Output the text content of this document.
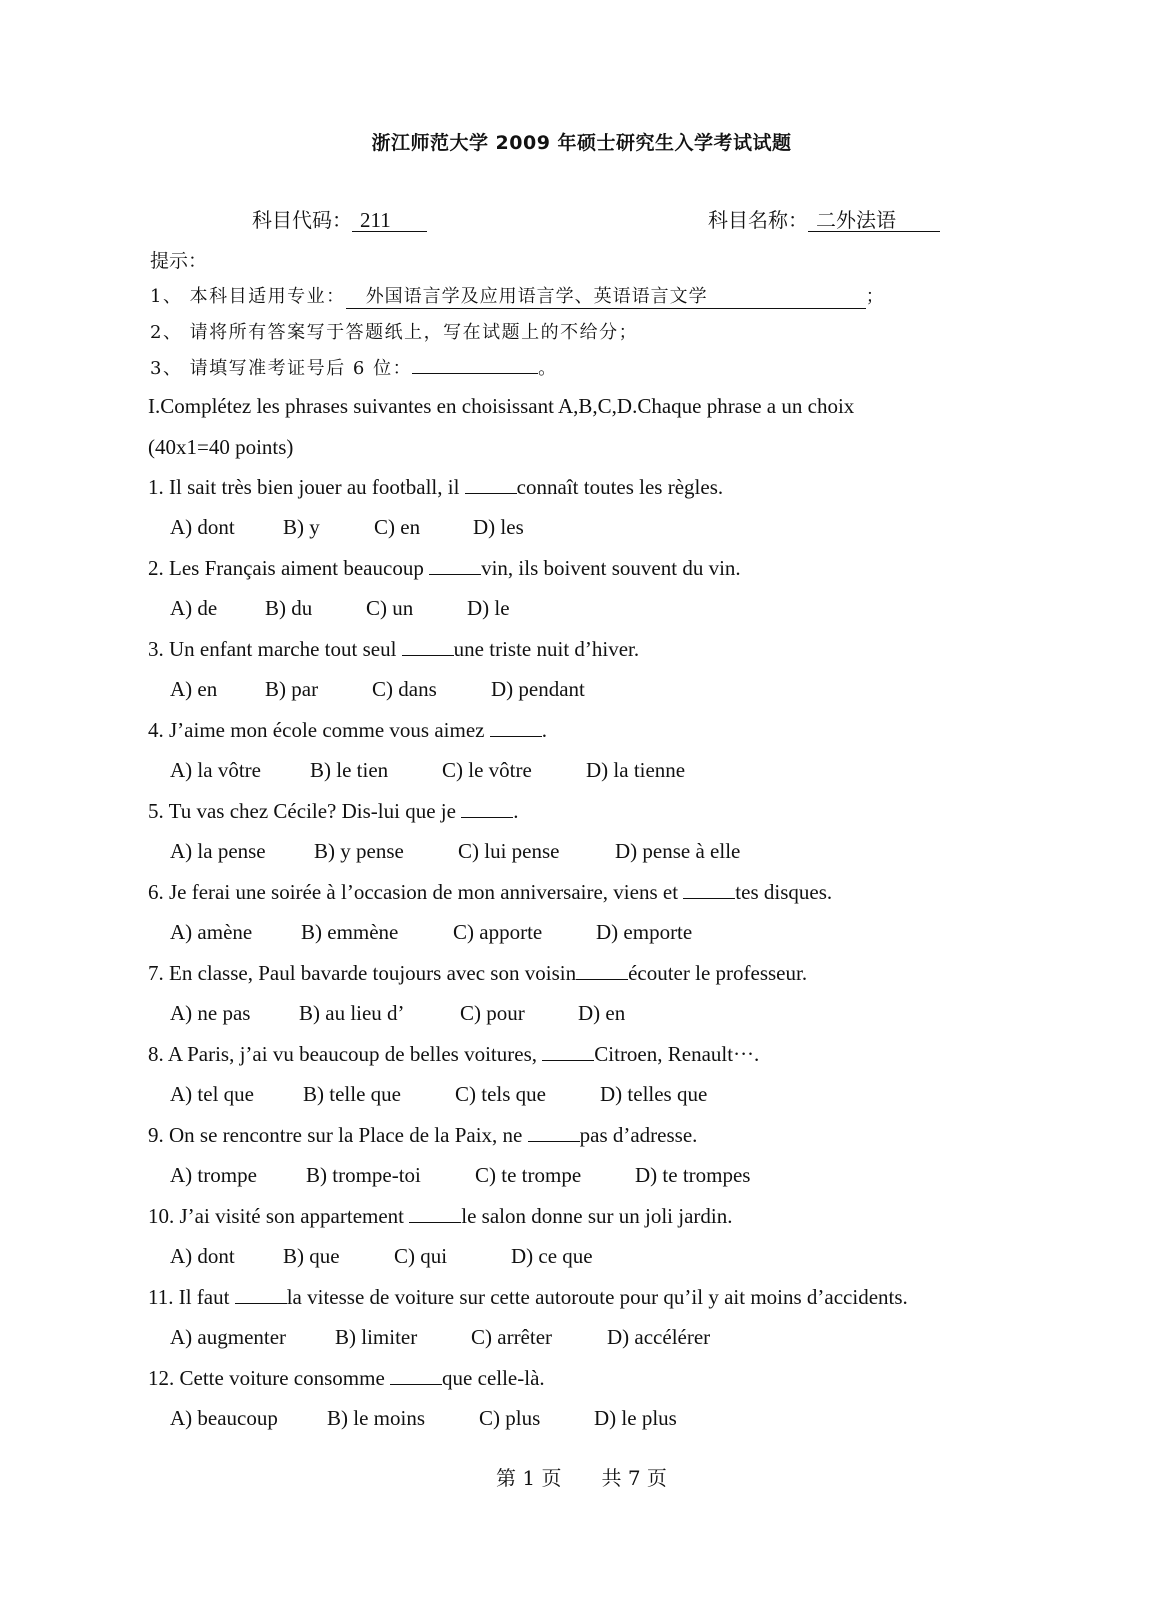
浙江师范大学 2009 年硕士研究生入学考试试题
科目代码： 211	科目名称： 二外法语
提示：
1、 本科目适用专业： 外国语言学及应用语言学、英语语言文学	；
2、 请将所有答案写于答题纸上，写在试题上的不给分；
3、 请填写准考证号后 6 位：	。
I.Complétez les phrases suivantes en choisissant A,B,C,D.Chaque phrase a un choix
(40x1=40 points)
1. Il sait très bien jouer au football, il connaît toutes les règles.
A) dont B) y	C) en	D) les
2. Les Français aiment beaucoup vin, ils boivent souvent du vin.
A) de B) du	C) un	D) le
3. Un enfant marche tout seul une triste nuit d’hiver.
A) en B) par	C) dans	D) pendant
4. J’aime mon école comme vous aimez .
A) la vôtre B) le tien	C) le vôtre	D) la tienne
5. Tu vas chez Cécile? Dis-lui que je .
A) la pense B) y pense	C) lui pense	D) pense à elle
6. Je ferai une soirée à l’occasion de mon anniversaire, viens et tes disques.
A) amène B) emmène	C) apporte	D) emporte
7. En classe, Paul bavarde toujours avec son voisin écouter le professeur.
A) ne pas B) au lieu d’	C) pour	D) en
8. A Paris, j’ai vu beaucoup de belles voitures, Citroen, Renault···.
A) tel que B) telle que	C) tels que	D) telles que
9. On se rencontre sur la Place de la Paix, ne pas d’adresse.
A) trompe B) trompe-toi	C) te trompe	D) te trompes
10. J’ai visité son appartement le salon donne sur un joli jardin.
A) dont B) que	C) qui	D) ce que
11. Il faut la vitesse de voiture sur cette autoroute pour qu’il y ait moins d’accidents.
A) augmenter B) limiter	C) arrêter	D) accélérer
12. Cette voiture consomme que celle-là.
A) beaucoup B) le moins	C) plus	D) le plus
第 1 页　　共 7 页
